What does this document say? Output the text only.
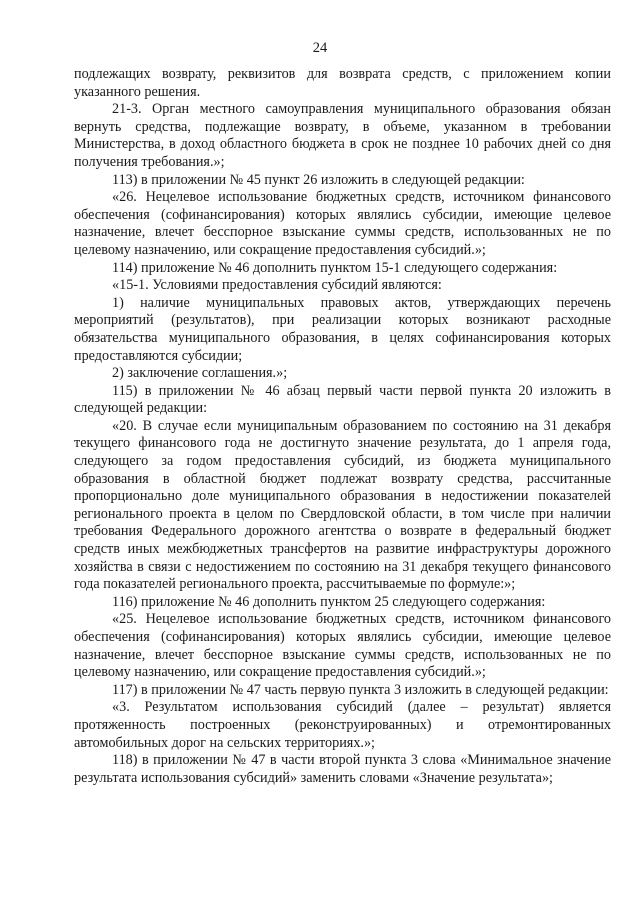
24

подлежащих возврату, реквизитов для возврата средств, с приложением копии указанного решения.

21-3. Орган местного самоуправления муниципального образования обязан вернуть средства, подлежащие возврату, в объеме, указанном в требовании Министерства, в доход областного бюджета в срок не позднее 10 рабочих дней со дня получения требования.»;

113) в приложении № 45 пункт 26 изложить в следующей редакции:

«26. Нецелевое использование бюджетных средств, источником финансового обеспечения (софинансирования) которых являлись субсидии, имеющие целевое назначение, влечет бесспорное взыскание суммы средств, использованных не по целевому назначению, или сокращение предоставления субсидий.»;

114) приложение № 46 дополнить пунктом 15-1 следующего содержания:

«15-1. Условиями предоставления субсидий являются:

1) наличие муниципальных правовых актов, утверждающих перечень мероприятий (результатов), при реализации которых возникают расходные обязательства муниципального образования, в целях софинансирования которых предоставляются субсидии;

2) заключение соглашения.»;

115) в приложении № 46 абзац первый части первой пункта 20 изложить в следующей редакции:

«20. В случае если муниципальным образованием по состоянию на 31 декабря текущего финансового года не достигнуто значение результата, до 1 апреля года, следующего за годом предоставления субсидий, из бюджета муниципального образования в областной бюджет подлежат возврату средства, рассчитанные пропорционально доле муниципального образования в недостижении показателей регионального проекта в целом по Свердловской области, в том числе при наличии требования Федерального дорожного агентства о возврате в федеральный бюджет средств иных межбюджетных трансфертов на развитие инфраструктуры дорожного хозяйства в связи с недостижением по состоянию на 31 декабря текущего финансового года показателей регионального проекта, рассчитываемые по формуле:»;

116) приложение № 46 дополнить пунктом 25 следующего содержания:

«25. Нецелевое использование бюджетных средств, источником финансового обеспечения (софинансирования) которых являлись субсидии, имеющие целевое назначение, влечет бесспорное взыскание суммы средств, использованных не по целевому назначению, или сокращение предоставления субсидий.»;

117) в приложении № 47 часть первую пункта 3 изложить в следующей редакции:

«3. Результатом использования субсидий (далее – результат) является протяженность построенных (реконструированных) и отремонтированных автомобильных дорог на сельских территориях.»;

118) в приложении № 47 в части второй пункта 3 слова «Минимальное значение результата использования субсидий» заменить словами «Значение результата»;
